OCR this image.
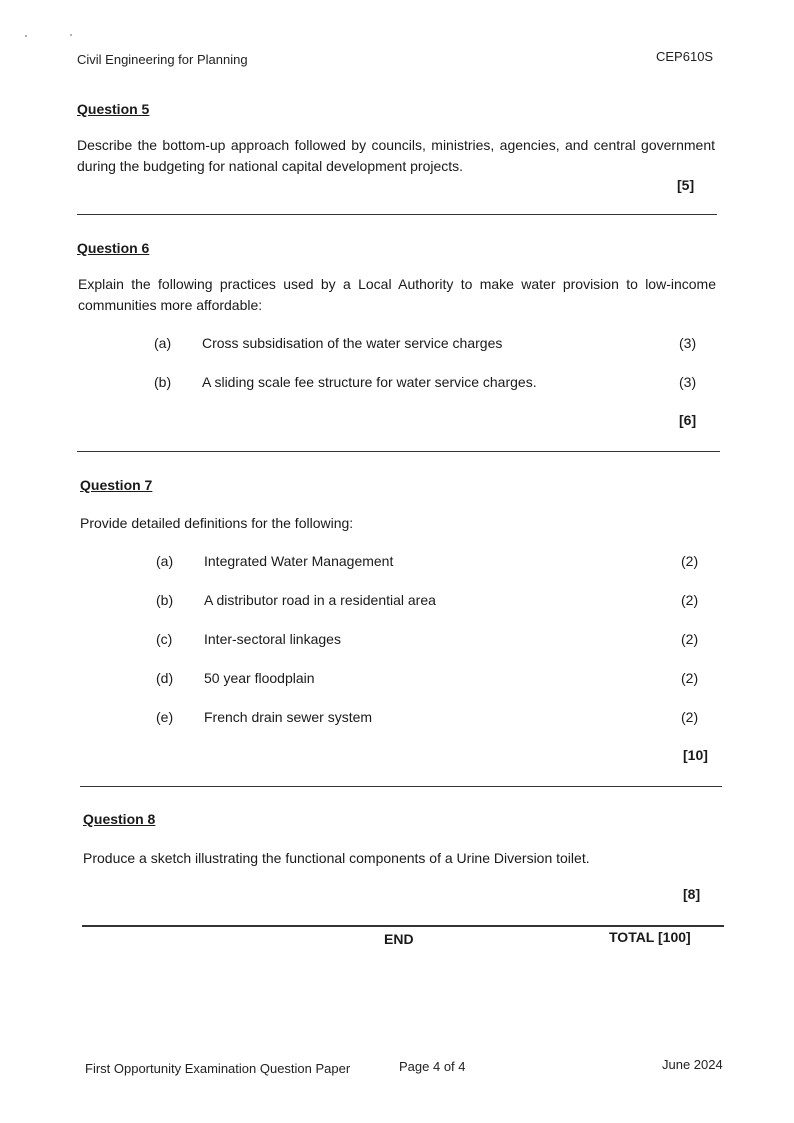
Civil Engineering for Planning	CEP610S
Question 5
Describe the bottom-up approach followed by councils, ministries, agencies, and central government during the budgeting for national capital development projects.
[5]
Question 6
Explain the following practices used by a Local Authority to make water provision to low-income communities more affordable:
(a) Cross subsidisation of the water service charges	(3)
(b) A sliding scale fee structure for water service charges.	(3)
[6]
Question 7
Provide detailed definitions for the following:
(a) Integrated Water Management	(2)
(b) A distributor road in a residential area	(2)
(c) Inter-sectoral linkages	(2)
(d) 50 year floodplain	(2)
(e) French drain sewer system	(2)
[10]
Question 8
Produce a sketch illustrating the functional components of a Urine Diversion toilet.
[8]
END	TOTAL [100]
First Opportunity Examination Question Paper	Page 4 of 4	June 2024
